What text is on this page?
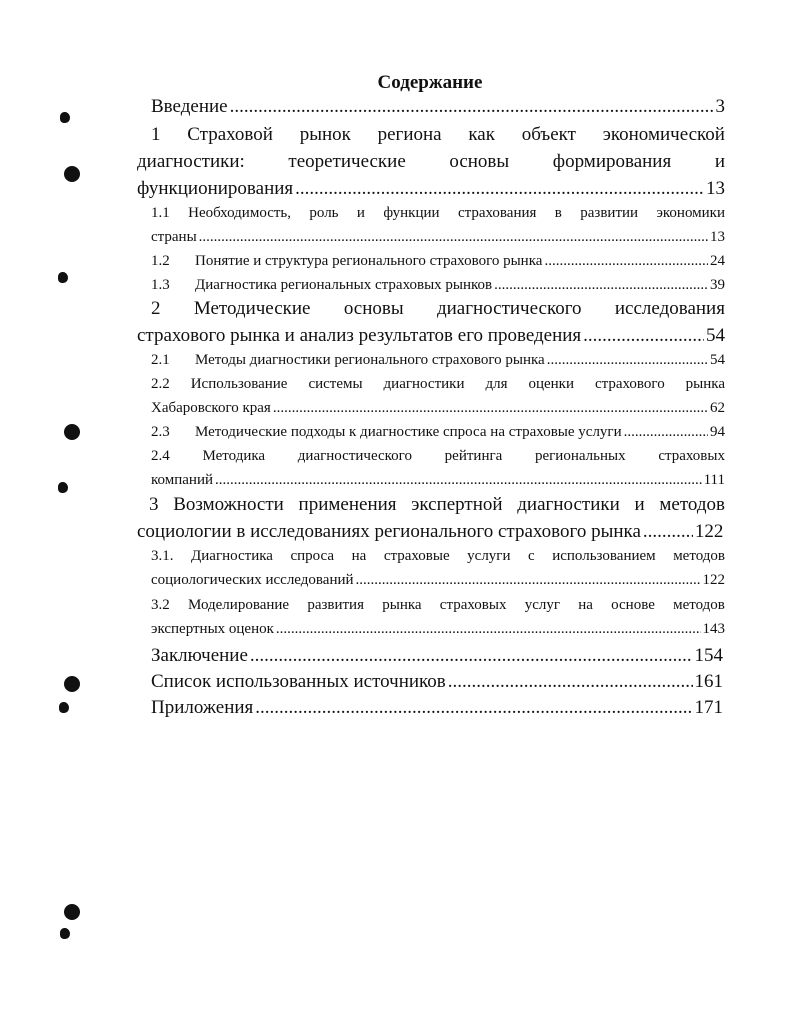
Содержание
Введение .....	3
1 Страховой рынок региона как объект экономической
диагностики: теоретические основы формирования и
функционирования .....	13
1.1 Необходимость, роль и функции страхования в развитии экономики
страны .....	13
1.2	Понятие и структура регионального страхового рынка .....	24
1.3	Диагностика региональных страховых рынков .....	39
2 Методические основы диагностического исследования
страхового рынка и анализ результатов его проведения .....	54
2.1	Методы диагностики регионального страхового рынка .....	54
2.2 Использование системы диагностики для оценки страхового рынка
Хабаровского края .....	62
2.3	Методические подходы к диагностике спроса на страховые услуги .....	94
2.4 Методика диагностического рейтинга региональных страховых
компаний .....	111
3 Возможности применения экспертной диагностики и методов
социологии в исследованиях регионального страхового рынка .....	122
3.1. Диагностика спроса на страховые услуги с использованием методов
социологических исследований .....	122
3.2 Моделирование развития рынка страховых услуг на основе методов
экспертных оценок .....	143
Заключение .....	154
Список использованных источников .....	161
Приложения .....	171
